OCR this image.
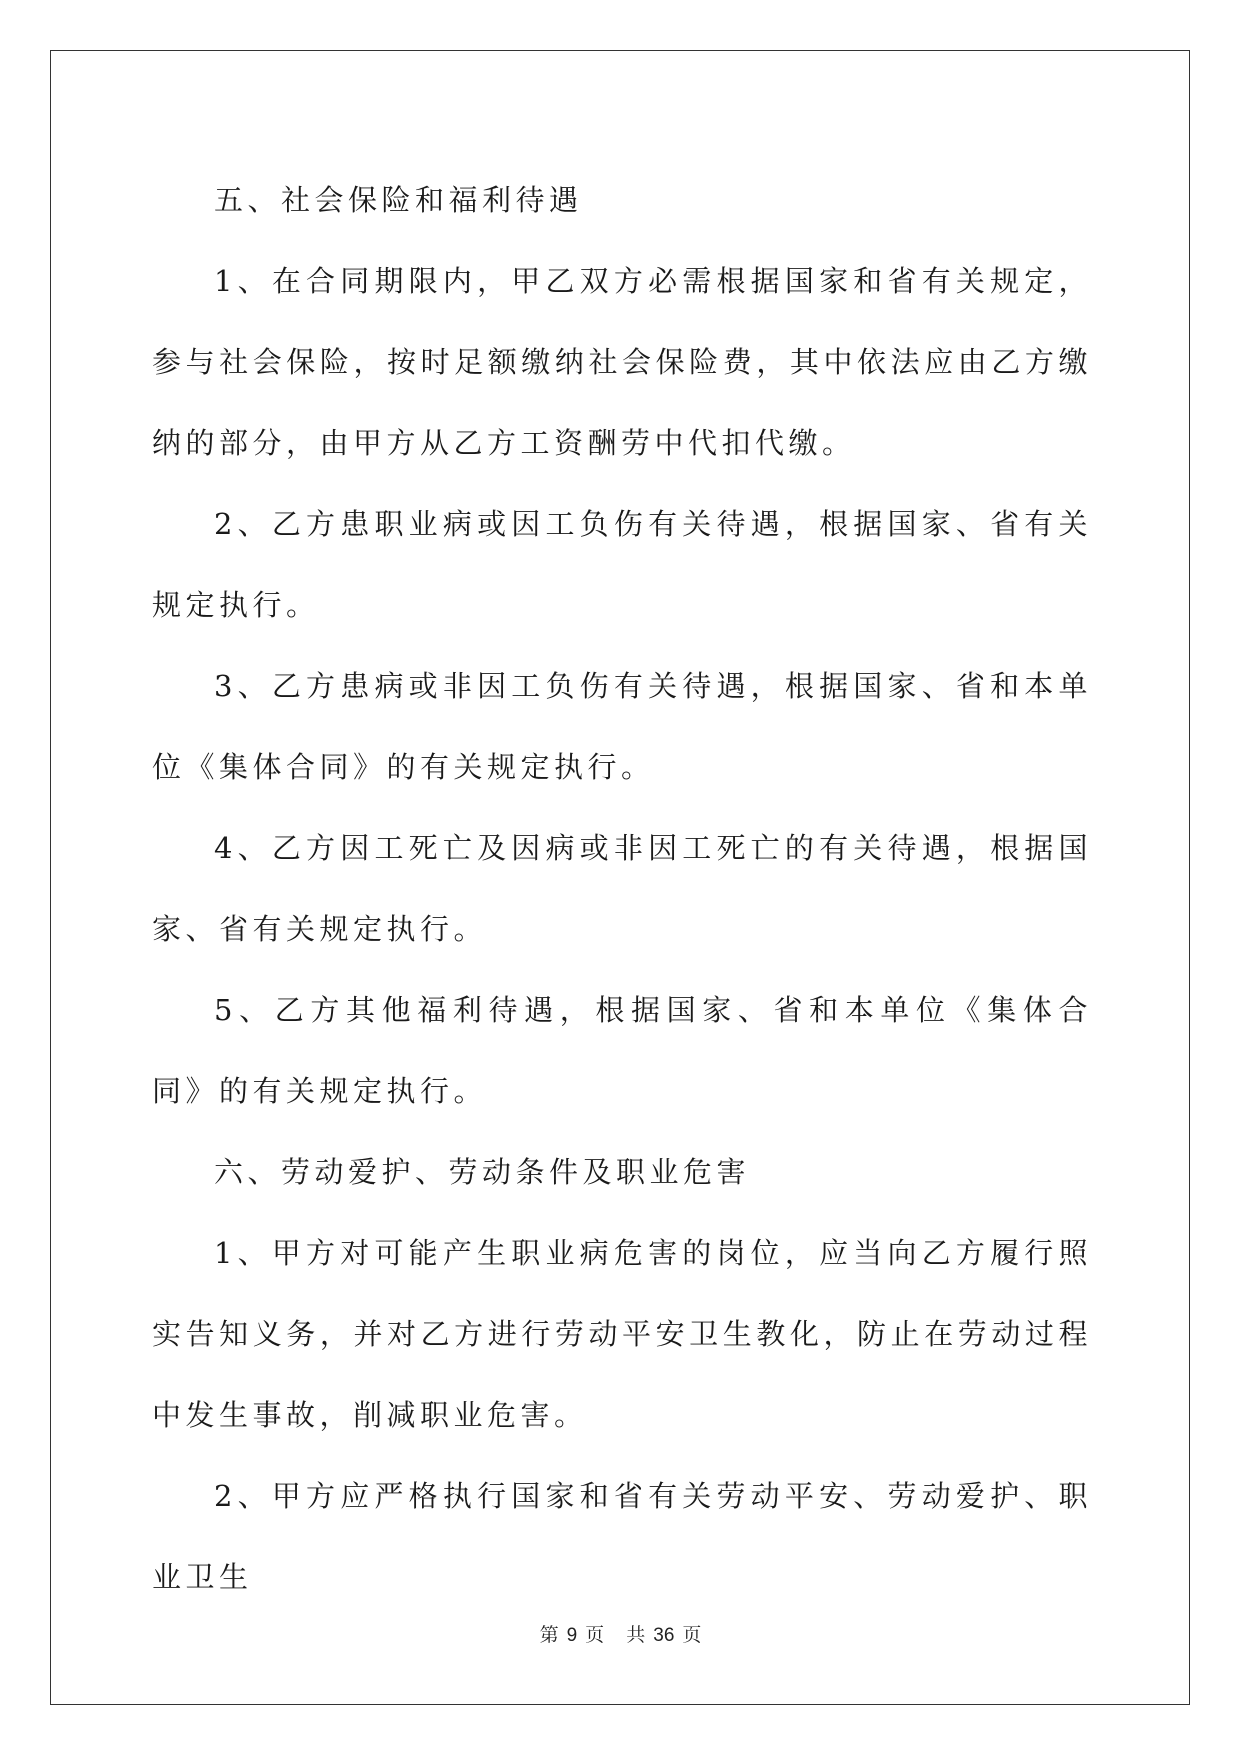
五、社会保险和福利待遇

1、在合同期限内，甲乙双方必需根据国家和省有关规定，参与社会保险，按时足额缴纳社会保险费，其中依法应由乙方缴纳的部分，由甲方从乙方工资酬劳中代扣代缴。

2、乙方患职业病或因工负伤有关待遇，根据国家、省有关规定执行。

3、乙方患病或非因工负伤有关待遇，根据国家、省和本单位《集体合同》的有关规定执行。

4、乙方因工死亡及因病或非因工死亡的有关待遇，根据国家、省有关规定执行。

5、乙方其他福利待遇，根据国家、省和本单位《集体合同》的有关规定执行。

六、劳动爱护、劳动条件及职业危害

1、甲方对可能产生职业病危害的岗位，应当向乙方履行照实告知义务，并对乙方进行劳动平安卫生教化，防止在劳动过程中发生事故，削减职业危害。

2、甲方应严格执行国家和省有关劳动平安、劳动爱护、职业卫生

第 9 页 共 36 页
